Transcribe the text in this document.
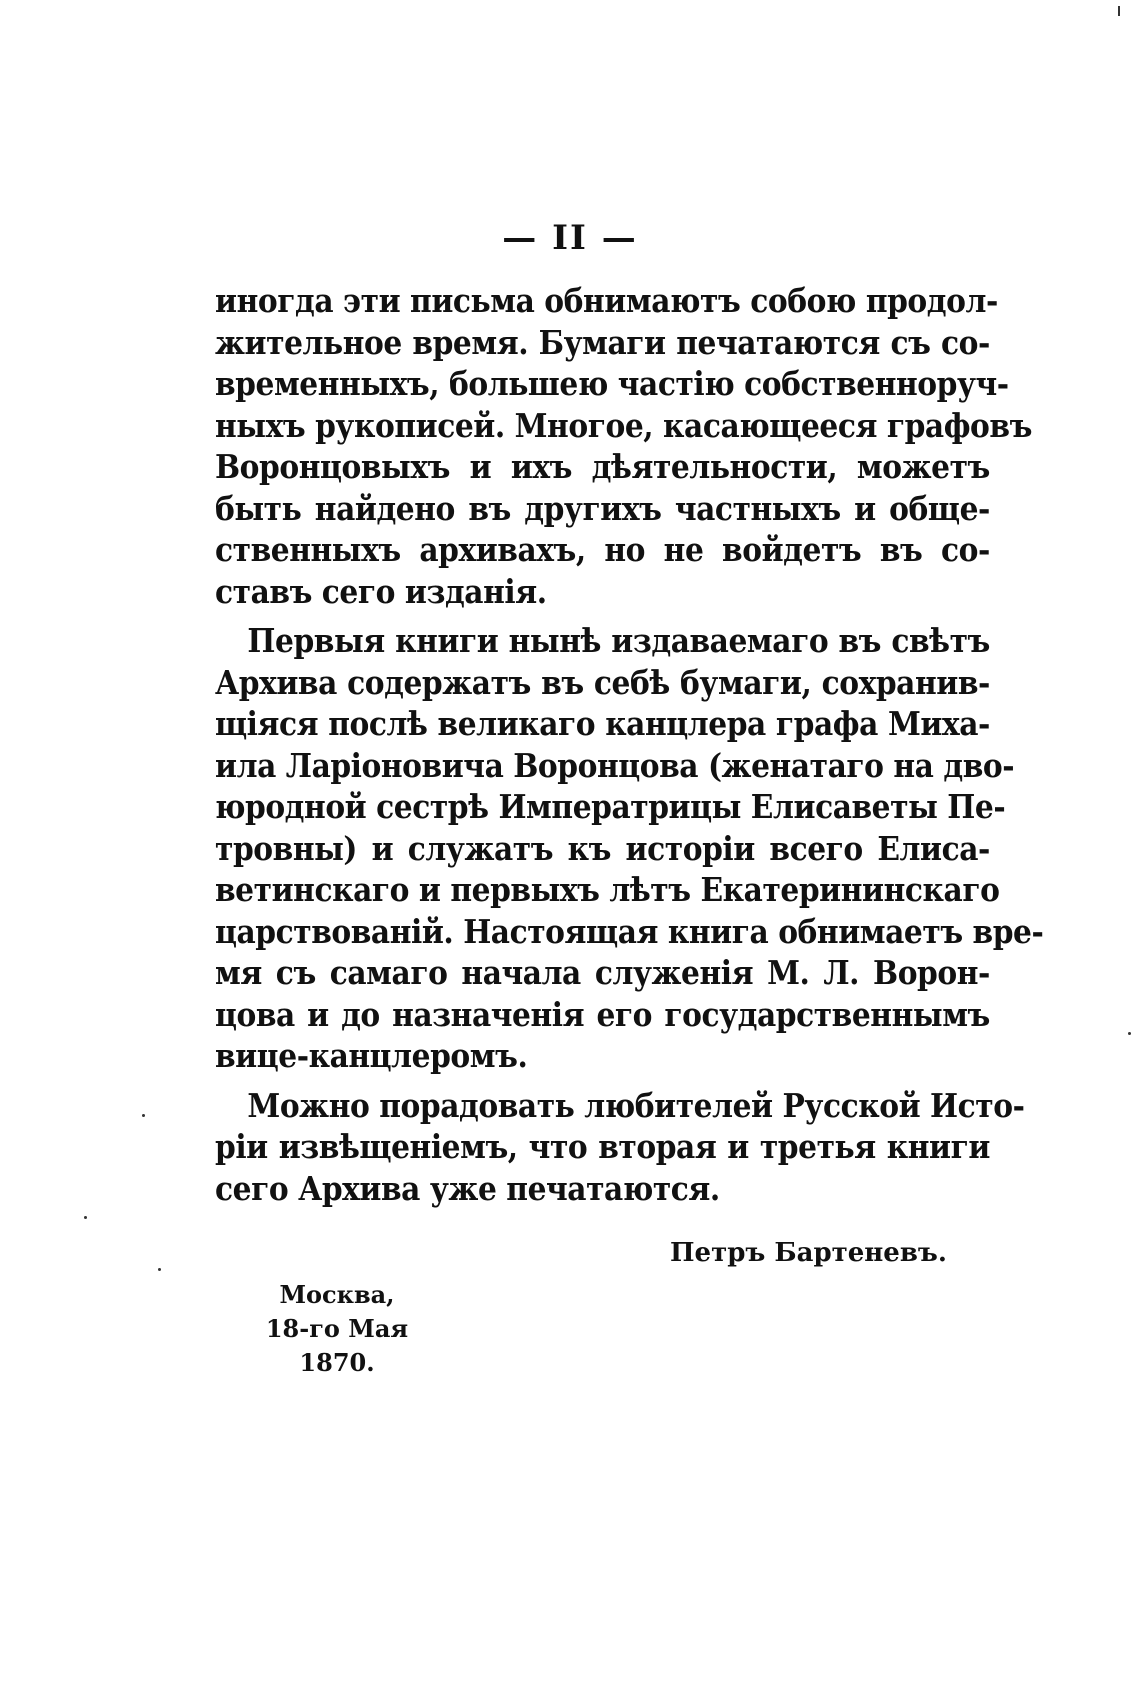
— II —
иногда эти письма обнимаютъ собою продол-
жительное время. Бумаги печатаются съ со-
временныхъ, большею частію собственноруч-
ныхъ рукописей. Многое, касающееся графовъ
Воронцовыхъ и ихъ дѣятельности, можетъ
быть найдено въ другихъ частныхъ и обще-
ственныхъ архивахъ, но не войдетъ въ со-
ставъ сего изданія.
Первыя книги нынѣ издаваемаго въ свѣтъ
Архива содержатъ въ себѣ бумаги, сохранив-
щіяся послѣ великаго канцлера графа Миха-
ила Ларіоновича Воронцова (женатаго на дво-
юродной сестрѣ Императрицы Елисаветы Пе-
тровны) и служатъ къ исторіи всего Елиса-
ветинскаго и первыхъ лѣтъ Екатерининскаго
царствованій. Настоящая книга обнимаетъ вре-
мя съ самаго начала служенія М. Л. Ворон-
цова и до назначенія его государственнымъ
вице-канцлеромъ.
Можно порадовать любителей Русской Исто-
ріи извѣщеніемъ, что вторая и третья книги
сего Архива уже печатаются.
Петръ Бартеневъ.
Москва,
18-го Мая
1870.
